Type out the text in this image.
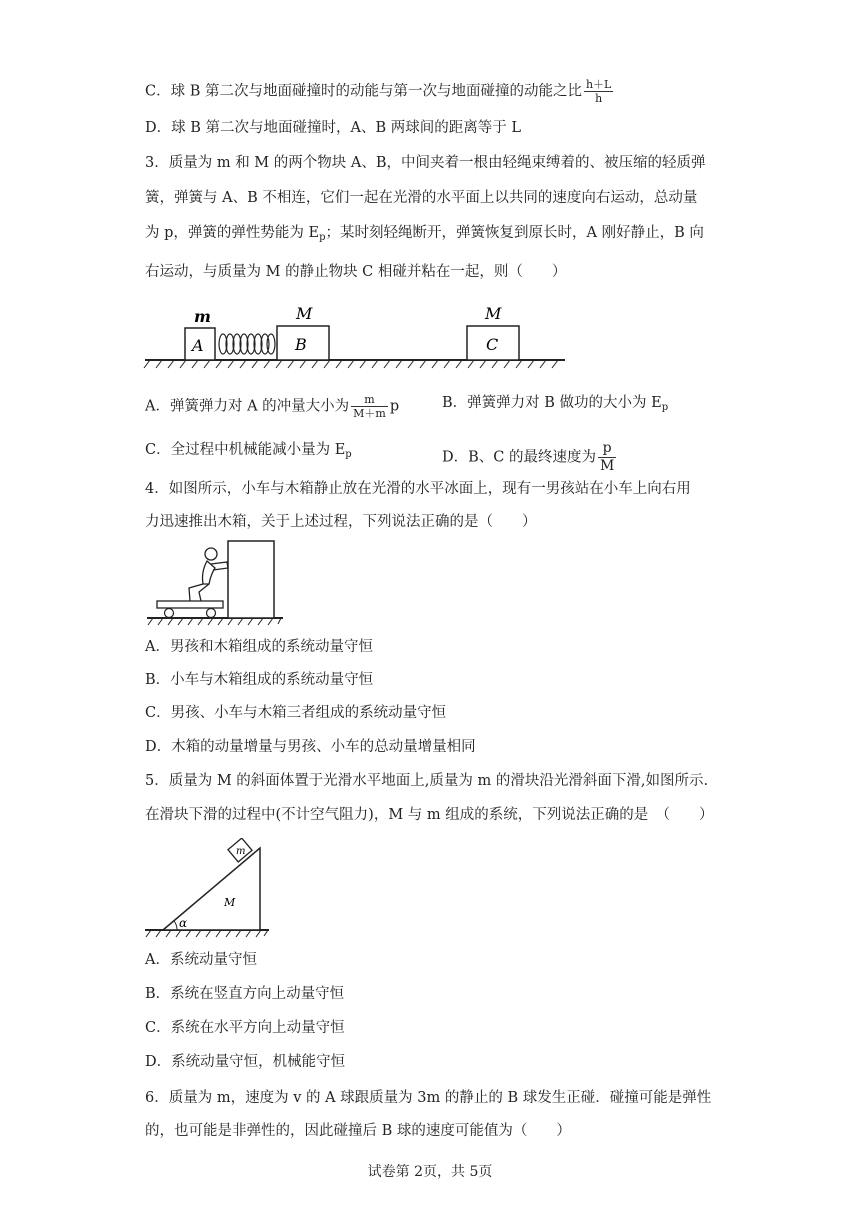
C．球 B 第二次与地面碰撞时的动能与第一次与地面碰撞的动能之比 $\frac{h+L}{h}$
D．球 B 第二次与地面碰撞时，A、B 两球间的距离等于 L
3．质量为 m 和 M 的两个物块 A、B，中间夹着一根由轻绳束缚着的、被压缩的轻质弹
簧，弹簧与 A、B 不相连，它们一起在光滑的水平面上以共同的速度向右运动，总动量
为 p，弹簧的弹性势能为 $E_p$；某时刻轻绳断开，弹簧恢复到原长时，A 刚好静止，B 向
右运动，与质量为 M 的静止物块 C 相碰并粘在一起，则（　　）
m
A
M
B
M
C
A．弹簧弹力对 A 的冲量大小为 $\frac{m}{M+m}$ p	B．弹簧弹力对 B 做功的大小为 $E_p$
C．全过程中机械能减小量为 $E_p$	D．B、C 的最终速度为 $\frac{p}{M}$
4．如图所示，小车与木箱静止放在光滑的水平冰面上，现有一男孩站在小车上向右用
力迅速推出木箱，关于上述过程，下列说法正确的是（　　）
A．男孩和木箱组成的系统动量守恒
B．小车与木箱组成的系统动量守恒
C．男孩、小车与木箱三者组成的系统动量守恒
D．木箱的动量增量与男孩、小车的总动量增量相同
5．质量为 M 的斜面体置于光滑水平地面上,质量为 m 的滑块沿光滑斜面下滑,如图所示.
在滑块下滑的过程中(不计空气阻力)，M 与 m 组成的系统，下列说法正确的是　（　　）
m
M
α
A．系统动量守恒
B．系统在竖直方向上动量守恒
C．系统在水平方向上动量守恒
D．系统动量守恒，机械能守恒
6．质量为 m，速度为 v 的 A 球跟质量为 3m 的静止的 B 球发生正碰．碰撞可能是弹性
的，也可能是非弹性的，因此碰撞后 B 球的速度可能值为（　　）
试卷第 2页，共 5页
